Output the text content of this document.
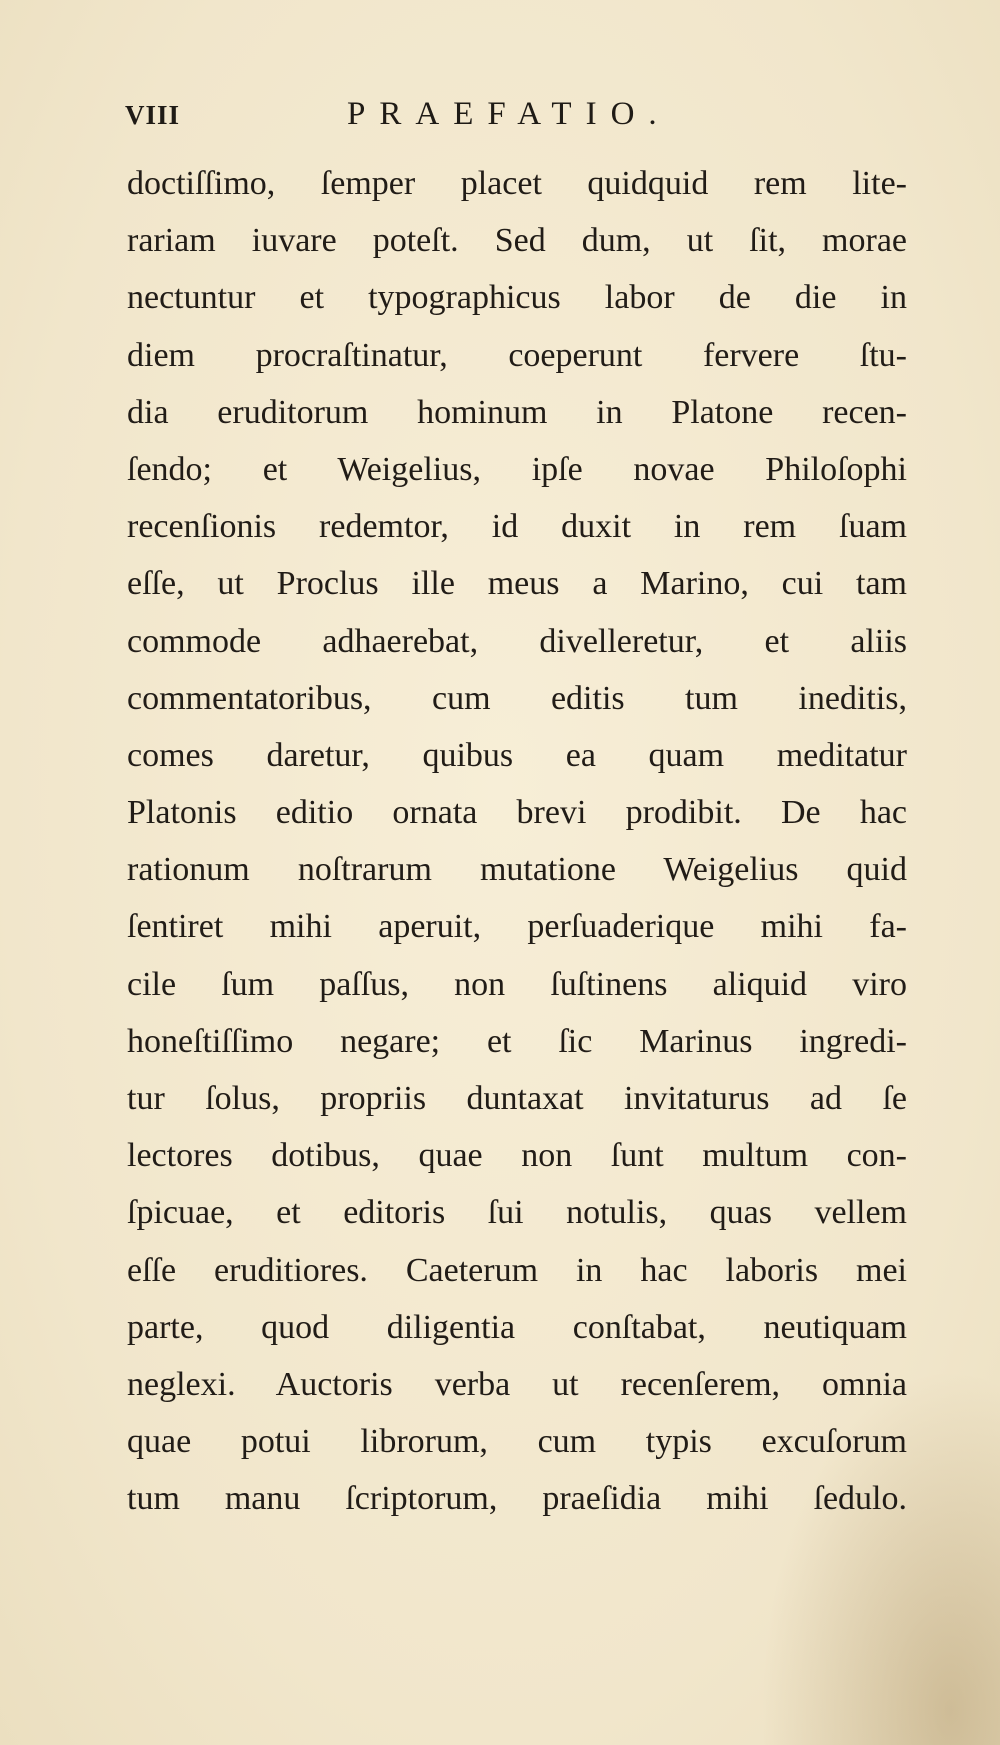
VIII	PRAEFATIO.
doctiſſimo, ſemper placet quidquid rem lite-
rariam iuvare poteſt. Sed dum, ut ſit, morae
nectuntur et typographicus labor de die in
diem procraſtinatur, coeperunt fervere ſtu-
dia eruditorum hominum in Platone recen-
ſendo; et Weigelius, ipſe novae Philoſophi
recenſionis redemtor, id duxit in rem ſuam
eſſe, ut Proclus ille meus a Marino, cui tam
commode adhaerebat, divelleretur, et aliis
commentatoribus, cum editis tum ineditis,
comes daretur, quibus ea quam meditatur
Platonis editio ornata brevi prodibit. De hac
rationum noſtrarum mutatione Weigelius quid
ſentiret mihi aperuit, perſuaderique mihi fa-
cile ſum paſſus, non ſuſtinens aliquid viro
honeſtiſſimo negare; et ſic Marinus ingredi-
tur ſolus, propriis duntaxat invitaturus ad ſe
lectores dotibus, quae non ſunt multum con-
ſpicuae, et editoris ſui notulis, quas vellem
eſſe eruditiores. Caeterum in hac laboris mei
parte, quod diligentia conſtabat, neutiquam
neglexi. Auctoris verba ut recenſerem, omnia
quae potui librorum, cum typis excuſorum
tum manu ſcriptorum, praeſidia mihi ſedulo.
